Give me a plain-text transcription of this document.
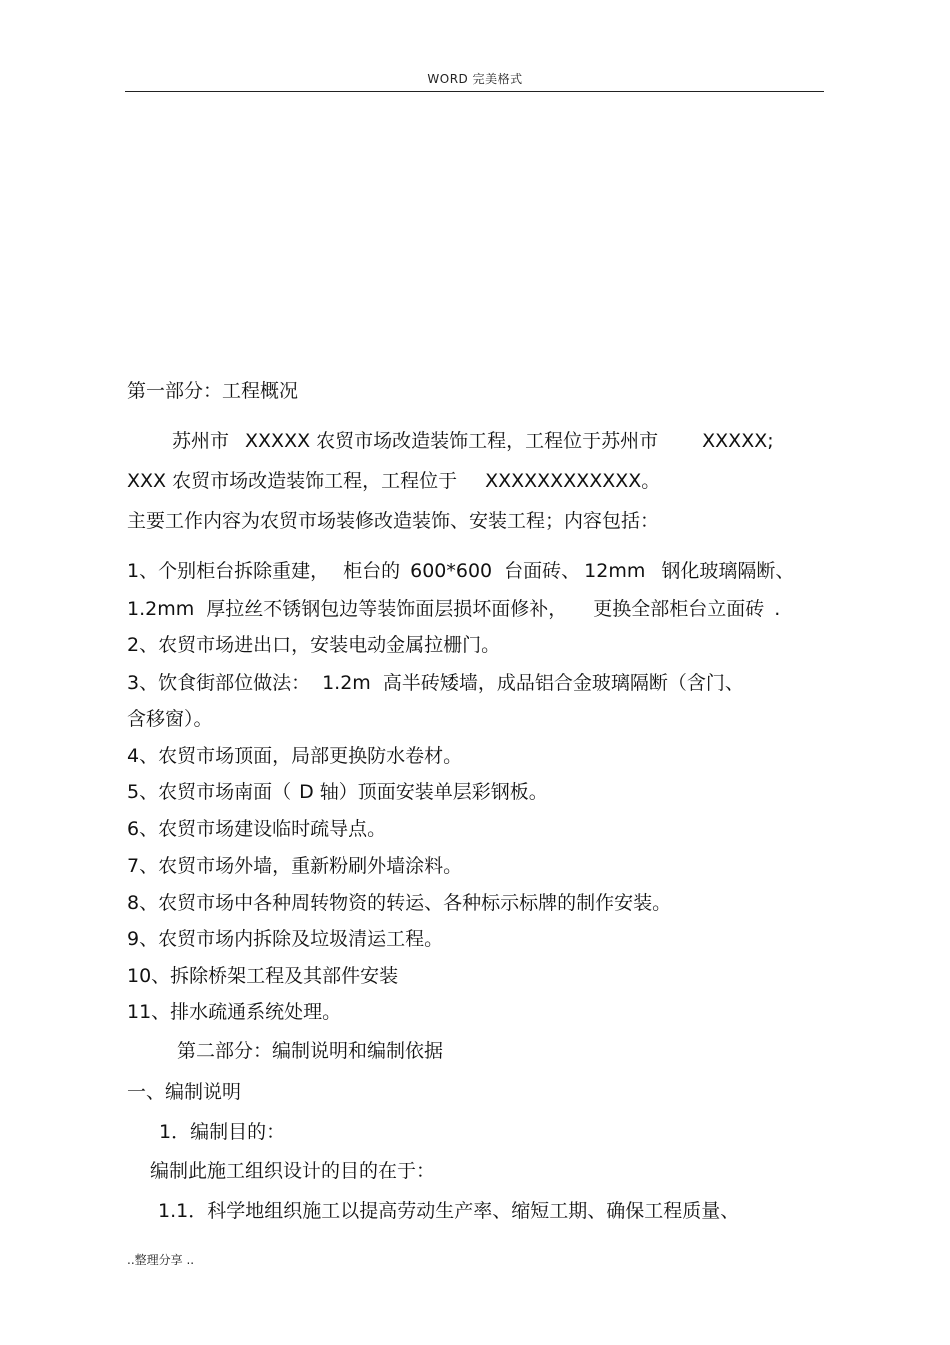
WORD 完美格式
第一部分：工程概况
苏州市 XXXXX 农贸市场改造装饰工程，工程位于苏州市 XXXXX;
XXX 农贸市场改造装饰工程，工程位于 XXXXXXXXXXXX。
主要工作内容为农贸市场装修改造装饰、安装工程；内容包括：
1、个别柜台拆除重建， 柜台的 600*600 台面砖、 12mm 钢化玻璃隔断、
1.2mm 厚拉丝不锈钢包边等装饰面层损坏面修补， 更换全部柜台立面砖 .
2、农贸市场进出口，安装电动金属拉栅门。
3、饮食街部位做法： 1.2m 高半砖矮墙，成品铝合金玻璃隔断（含门、
含移窗）。
4、农贸市场顶面，局部更换防水卷材。
5、农贸市场南面（ D 轴）顶面安装单层彩钢板。
6、农贸市场建设临时疏导点。
7、农贸市场外墙，重新粉刷外墙涂料。
8、农贸市场中各种周转物资的转运、各种标示标牌的制作安装。
9、农贸市场内拆除及垃圾清运工程。
10、拆除桥架工程及其部件安装
11、排水疏通系统处理。
第二部分：编制说明和编制依据
一、编制说明
1．编制目的：
编制此施工组织设计的目的在于：
1.1．科学地组织施工以提高劳动生产率、缩短工期、确保工程质量、
..整理分享 ..
